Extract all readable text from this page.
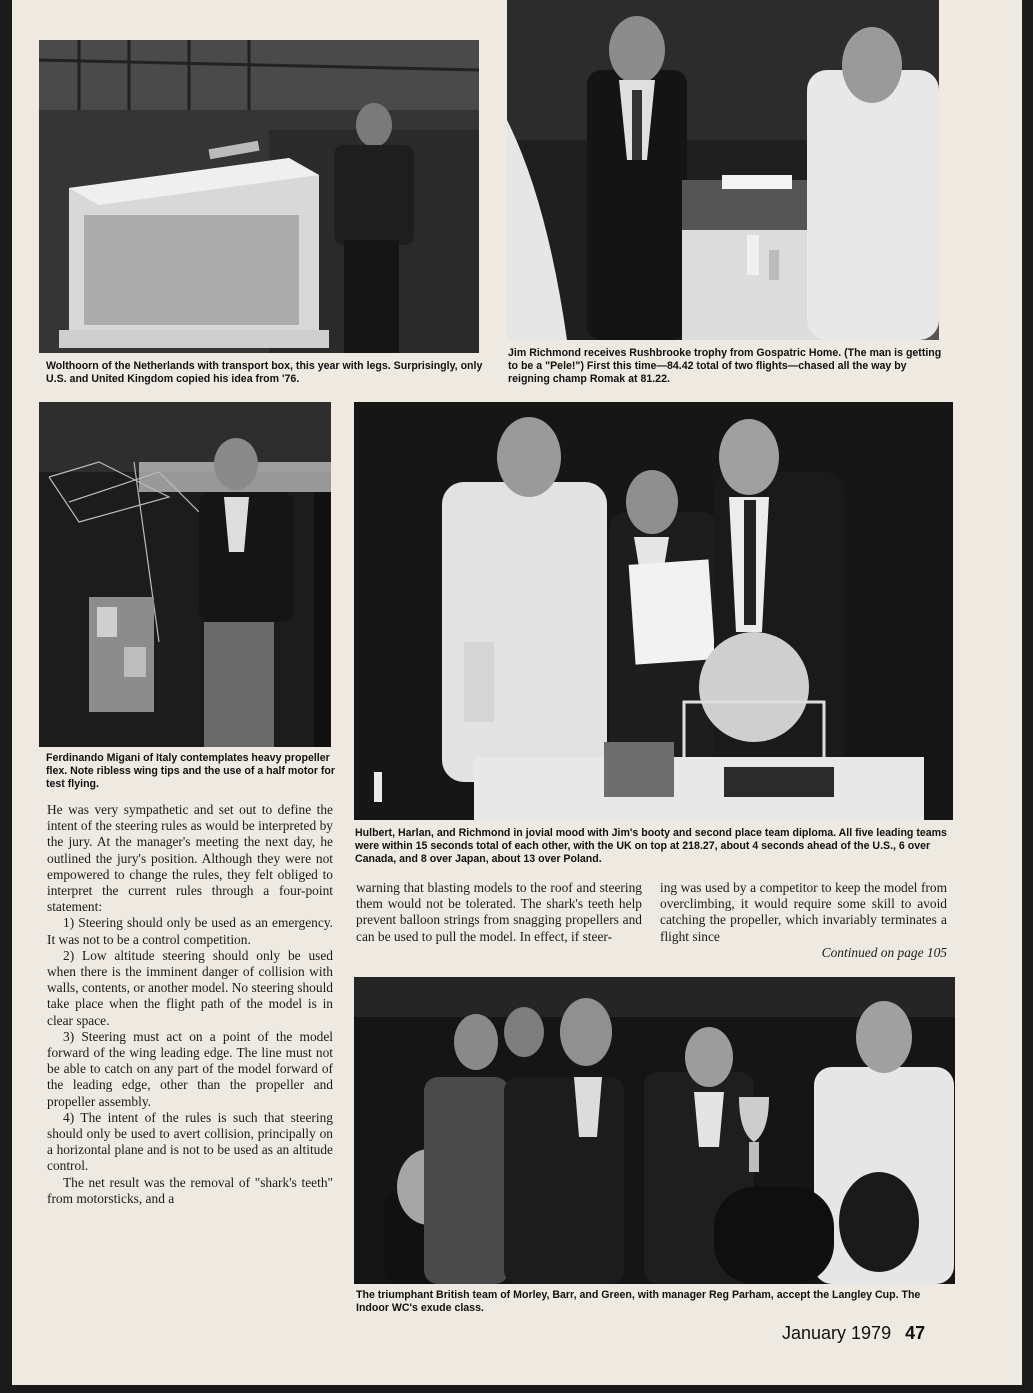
Wolthoorn of the Netherlands with transport box, this year with legs. Surprisingly, only U.S. and United Kingdom copied his idea from '76.

Jim Richmond receives Rushbrooke trophy from Gospatric Home. (The man is getting to be a "Pele!") First this time—84.42 total of two flights—chased all the way by reigning champ Romak at 81.22.

Ferdinando Migani of Italy contemplates heavy propeller flex. Note ribless wing tips and the use of a half motor for test flying.

Hulbert, Harlan, and Richmond in jovial mood with Jim's booty and second place team diploma. All five leading teams were within 15 seconds total of each other, with the UK on top at 218.27, about 4 seconds ahead of the U.S., 6 over Canada, and 8 over Japan, about 13 over Poland.

He was very sympathetic and set out to define the intent of the steering rules as would be interpreted by the jury. At the manager's meeting the next day, he outlined the jury's position. Although they were not empowered to change the rules, they felt obliged to interpret the current rules through a four-point statement:

1) Steering should only be used as an emergency. It was not to be a control competition.

2) Low altitude steering should only be used when there is the imminent danger of collision with walls, contents, or another model. No steering should take place when the flight path of the model is in clear space.

3) Steering must act on a point of the model forward of the wing leading edge. The line must not be able to catch on any part of the model forward of the leading edge, other than the propeller and propeller assembly.

4) The intent of the rules is such that steering should only be used to avert collision, principally on a horizontal plane and is not to be used as an altitude control.

The net result was the removal of "shark's teeth" from motorsticks, and a

warning that blasting models to the roof and steering them would not be tolerated. The shark's teeth help prevent balloon strings from snagging propellers and can be used to pull the model. In effect, if steer-

ing was used by a competitor to keep the model from overclimbing, it would require some skill to avoid catching the propeller, which invariably terminates a flight since

Continued on page 105

The triumphant British team of Morley, Barr, and Green, with manager Reg Parham, accept the Langley Cup. The Indoor WC's exude class.

January 1979 47
